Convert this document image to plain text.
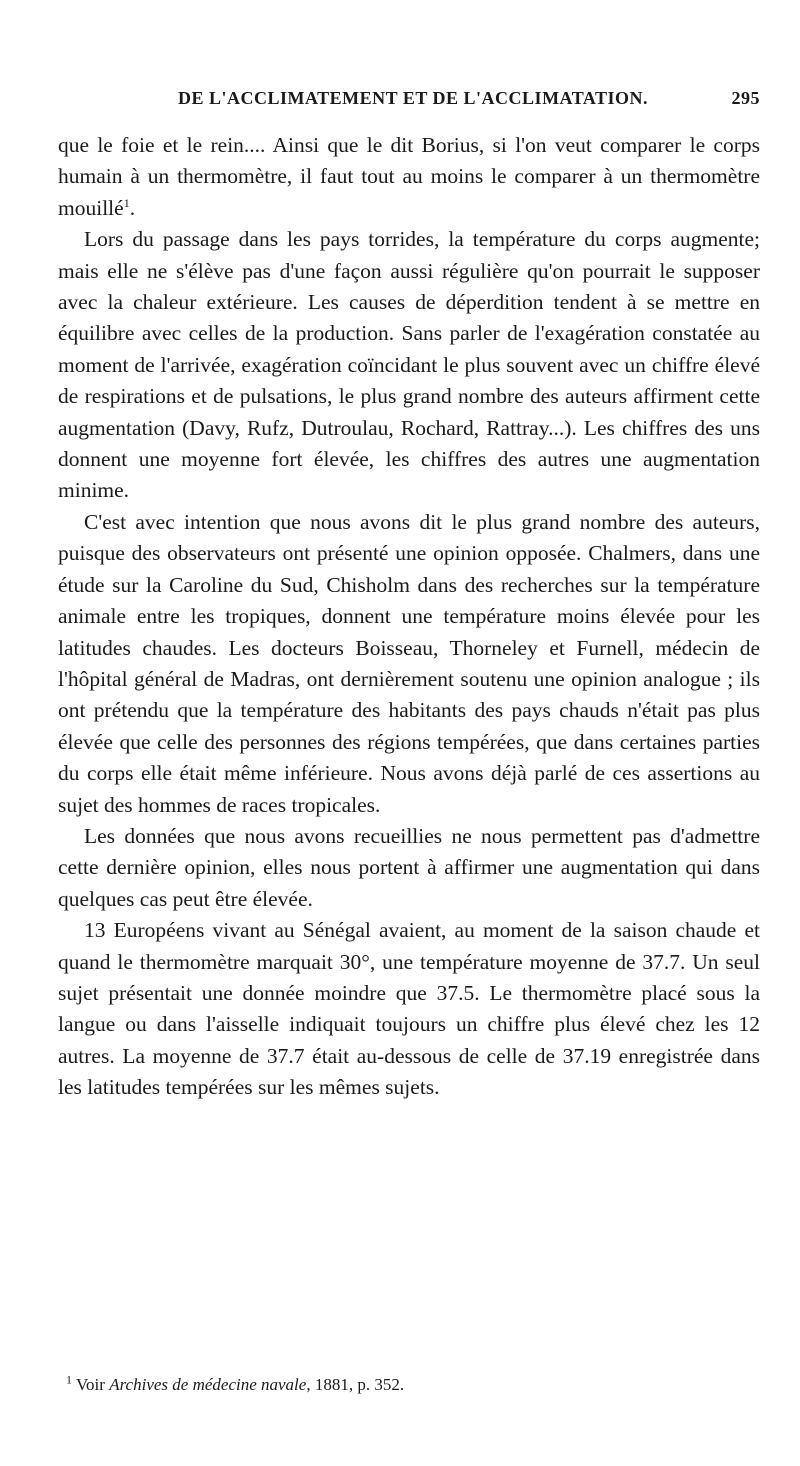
DE L'ACCLIMATEMENT ET DE L'ACCLIMATATION.	295

que le foie et le rein.... Ainsi que le dit Borius, si l'on veut comparer le corps humain à un thermomètre, il faut tout au moins le comparer à un thermomètre mouillé$^1$.

Lors du passage dans les pays torrides, la température du corps augmente; mais elle ne s'élève pas d'une façon aussi régulière qu'on pourrait le supposer avec la chaleur extérieure. Les causes de déperdition tendent à se mettre en équilibre avec celles de la production. Sans parler de l'exagération constatée au moment de l'arrivée, exagération coïncidant le plus souvent avec un chiffre élevé de respirations et de pulsations, le plus grand nombre des auteurs affirment cette augmentation (Davy, Rufz, Dutroulau, Rochard, Rattray...). Les chiffres des uns donnent une moyenne fort élevée, les chiffres des autres une augmentation minime.

C'est avec intention que nous avons dit le plus grand nombre des auteurs, puisque des observateurs ont présenté une opinion opposée. Chalmers, dans une étude sur la Caroline du Sud, Chisholm dans des recherches sur la température animale entre les tropiques, donnent une température moins élevée pour les latitudes chaudes. Les docteurs Boisseau, Thorneley et Furnell, médecin de l'hôpital général de Madras, ont dernièrement soutenu une opinion analogue ; ils ont prétendu que la température des habitants des pays chauds n'était pas plus élevée que celle des personnes des régions tempérées, que dans certaines parties du corps elle était même inférieure. Nous avons déjà parlé de ces assertions au sujet des hommes de races tropicales.

Les données que nous avons recueillies ne nous permettent pas d'admettre cette dernière opinion, elles nous portent à affirmer une augmentation qui dans quelques cas peut être élevée.

13 Européens vivant au Sénégal avaient, au moment de la saison chaude et quand le thermomètre marquait 30°, une température moyenne de 37.7. Un seul sujet présentait une donnée moindre que 37.5. Le thermomètre placé sous la langue ou dans l'aisselle indiquait toujours un chiffre plus élevé chez les 12 autres. La moyenne de 37.7 était au-dessous de celle de 37.19 enregistrée dans les latitudes tempérées sur les mêmes sujets.

$^1$ Voir Archives de médecine navale, 1881, p. 352.
